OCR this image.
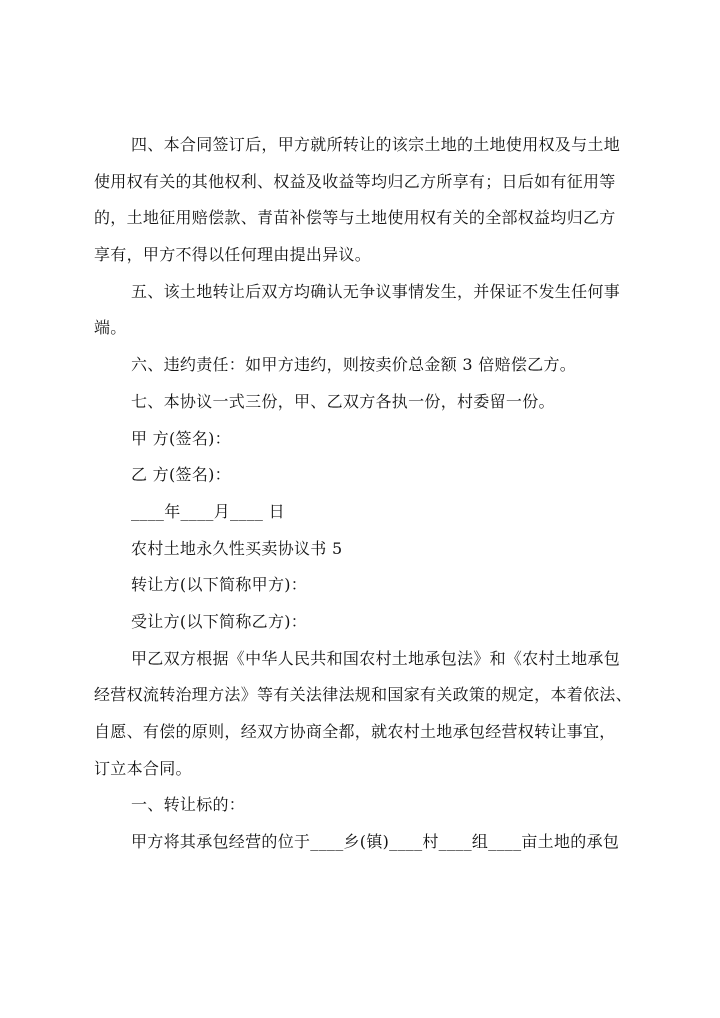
四、本合同签订后，甲方就所转让的该宗土地的土地使用权及与土地
使用权有关的其他权利、权益及收益等均归乙方所享有；日后如有征用等
的，土地征用赔偿款、青苗补偿等与土地使用权有关的全部权益均归乙方
享有，甲方不得以任何理由提出异议。
五、该土地转让后双方均确认无争议事情发生，并保证不发生任何事
端。
六、违约责任：如甲方违约，则按卖价总金额 3 倍赔偿乙方。
七、本协议一式三份，甲、乙双方各执一份，村委留一份。
甲 方(签名)：
乙 方(签名)：
____年____月____ 日
农村土地永久性买卖协议书 5
转让方(以下简称甲方)：
受让方(以下简称乙方)：
甲乙双方根据《中华人民共和国农村土地承包法》和《农村土地承包
经营权流转治理方法》等有关法律法规和国家有关政策的规定，本着依法、
自愿、有偿的原则，经双方协商全都，就农村土地承包经营权转让事宜，
订立本合同。
一、转让标的：
甲方将其承包经营的位于____乡(镇)____村____组____亩土地的承包
